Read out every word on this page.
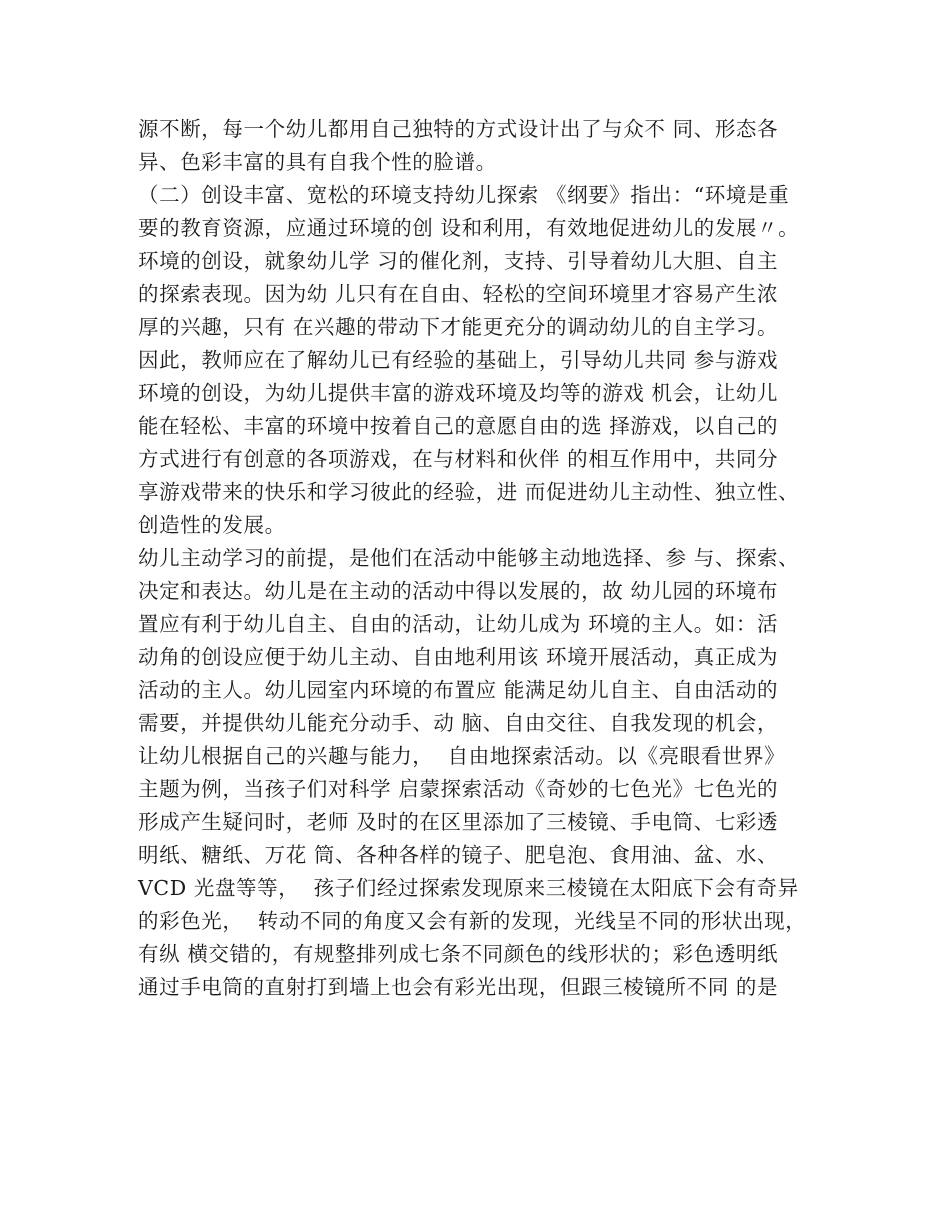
源不断，每一个幼儿都用自己独特的方式设计出了与众不 同、形态各
异、色彩丰富的具有自我个性的脸谱。
（二）创设丰富、宽松的环境支持幼儿探索 《纲要》指出：“环境是重
要的教育资源，应通过环境的创 设和利用，有效地促进幼儿的发展〃。
环境的创设，就象幼儿学 习的催化剂，支持、引导着幼儿大胆、自主
的探索表现。因为幼 儿只有在自由、轻松的空间环境里才容易产生浓
厚的兴趣，只有 在兴趣的带动下才能更充分的调动幼儿的自主学习。
因此，教师应在了解幼儿已有经验的基础上，引导幼儿共同 参与游戏
环境的创设，为幼儿提供丰富的游戏环境及均等的游戏 机会，让幼儿
能在轻松、丰富的环境中按着自己的意愿自由的选 择游戏，以自己的
方式进行有创意的各项游戏，在与材料和伙伴 的相互作用中，共同分
享游戏带来的快乐和学习彼此的经验，进 而促进幼儿主动性、独立性、
创造性的发展。
幼儿主动学习的前提，是他们在活动中能够主动地选择、参 与、探索、
决定和表达。幼儿是在主动的活动中得以发展的，故 幼儿园的环境布
置应有利于幼儿自主、自由的活动，让幼儿成为 环境的主人。如：活
动角的创设应便于幼儿主动、自由地利用该 环境开展活动，真正成为
活动的主人。幼儿园室内环境的布置应 能满足幼儿自主、自由活动的
需要，并提供幼儿能充分动手、动 脑、自由交往、自我发现的机会，
让幼儿根据自己的兴趣与能力，  自由地探索活动。以《亮眼看世界》
主题为例，当孩子们对科学 启蒙探索活动《奇妙的七色光》七色光的
形成产生疑问时，老师 及时的在区里添加了三棱镜、手电筒、七彩透
明纸、糖纸、万花 筒、各种各样的镜子、肥皂泡、食用油、盆、水、
VCD 光盘等等，  孩子们经过探索发现原来三棱镜在太阳底下会有奇异
的彩色光，  转动不同的角度又会有新的发现，光线呈不同的形状出现，
有纵 横交错的，有规整排列成七条不同颜色的线形状的；彩色透明纸
通过手电筒的直射打到墙上也会有彩光出现，但跟三棱镜所不同 的是
